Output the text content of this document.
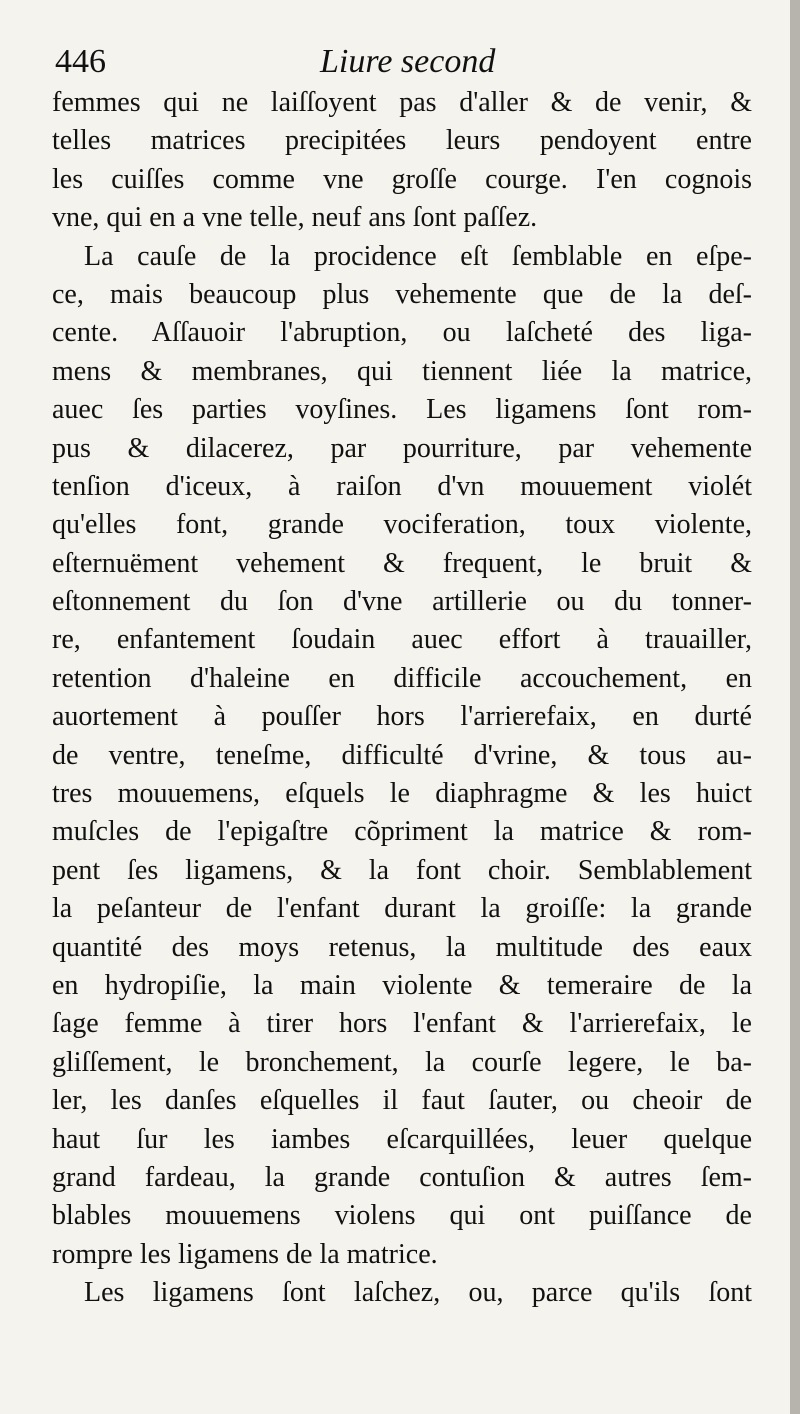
446	Liure second
femmes qui ne laiſſoyent pas d'aller & de venir, &
telles matrices precipitées leurs pendoyent entre
les cuiſſes comme vne groſſe courge. I'en cognois
vne, qui en a vne telle, neuf ans ſont paſſez.
La cauſe de la procidence eſt ſemblable en eſpe-
ce, mais beaucoup plus vehemente que de la deſ-
cente. Aſſauoir l'abruption, ou laſcheté des liga-
mens & membranes, qui tiennent liée la matrice,
auec ſes parties voyſines. Les ligamens ſont rom-
pus & dilacerez, par pourriture, par vehemente
tenſion d'iceux, à raiſon d'vn mouuement violét
qu'elles font, grande vociferation, toux violente,
eſternuëment vehement & frequent, le bruit &
eſtonnement du ſon d'vne artillerie ou du tonner-
re, enfantement ſoudain auec effort à trauailler,
retention d'haleine en difficile accouchement, en
auortement à pouſſer hors l'arrierefaix, en durté
de ventre, teneſme, difficulté d'vrine, & tous au-
tres mouuemens, eſquels le diaphragme & les huict
muſcles de l'epigaſtre cõpriment la matrice & rom-
pent ſes ligamens, & la font choir. Semblablement
la peſanteur de l'enfant durant la groiſſe: la grande
quantité des moys retenus, la multitude des eaux
en hydropiſie, la main violente & temeraire de la
ſage femme à tirer hors l'enfant & l'arrierefaix, le
gliſſement, le bronchement, la courſe legere, le ba-
ler, les danſes eſquelles il faut ſauter, ou cheoir de
haut ſur les iambes eſcarquillées, leuer quelque
grand fardeau, la grande contuſion & autres ſem-
blables mouuemens violens qui ont puiſſance de
rompre les ligamens de la matrice.
Les ligamens ſont laſchez, ou, parce qu'ils ſont
